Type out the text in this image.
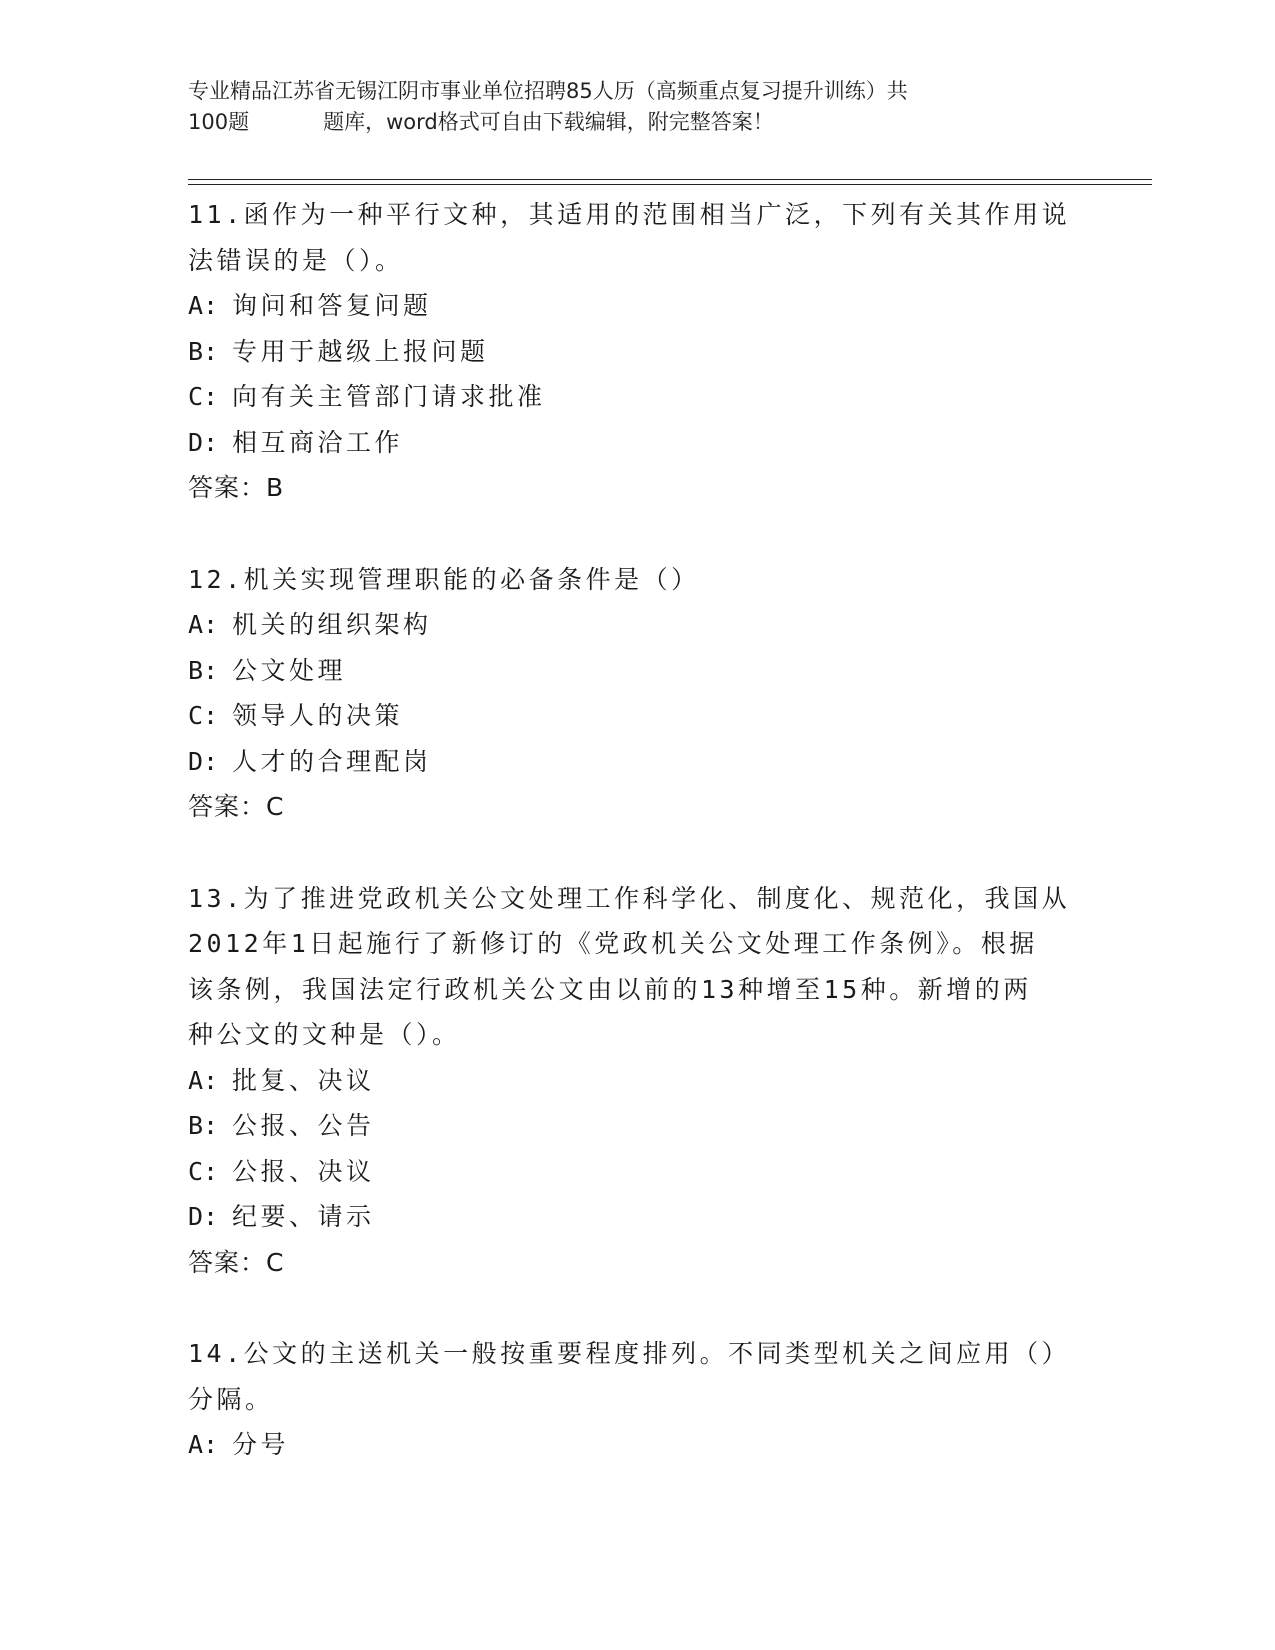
专业精品江苏省无锡江阴市事业单位招聘85人历（高频重点复习提升训练）共
100题	题库，word格式可自由下载编辑，附完整答案！
11.函作为一种平行文种，其适用的范围相当广泛，下列有关其作用说
法错误的是（）。
A: 询问和答复问题
B: 专用于越级上报问题
C: 向有关主管部门请求批准
D: 相互商洽工作
答案：B
12.机关实现管理职能的必备条件是（）
A: 机关的组织架构
B: 公文处理
C: 领导人的决策
D: 人才的合理配岗
答案：C
13.为了推进党政机关公文处理工作科学化、制度化、规范化，我国从
2012年1日起施行了新修订的《党政机关公文处理工作条例》。根据
该条例，我国法定行政机关公文由以前的13种增至15种。新增的两
种公文的文种是（）。
A: 批复、决议
B: 公报、公告
C: 公报、决议
D: 纪要、请示
答案：C
14.公文的主送机关一般按重要程度排列。不同类型机关之间应用（）
分隔。
A: 分号
